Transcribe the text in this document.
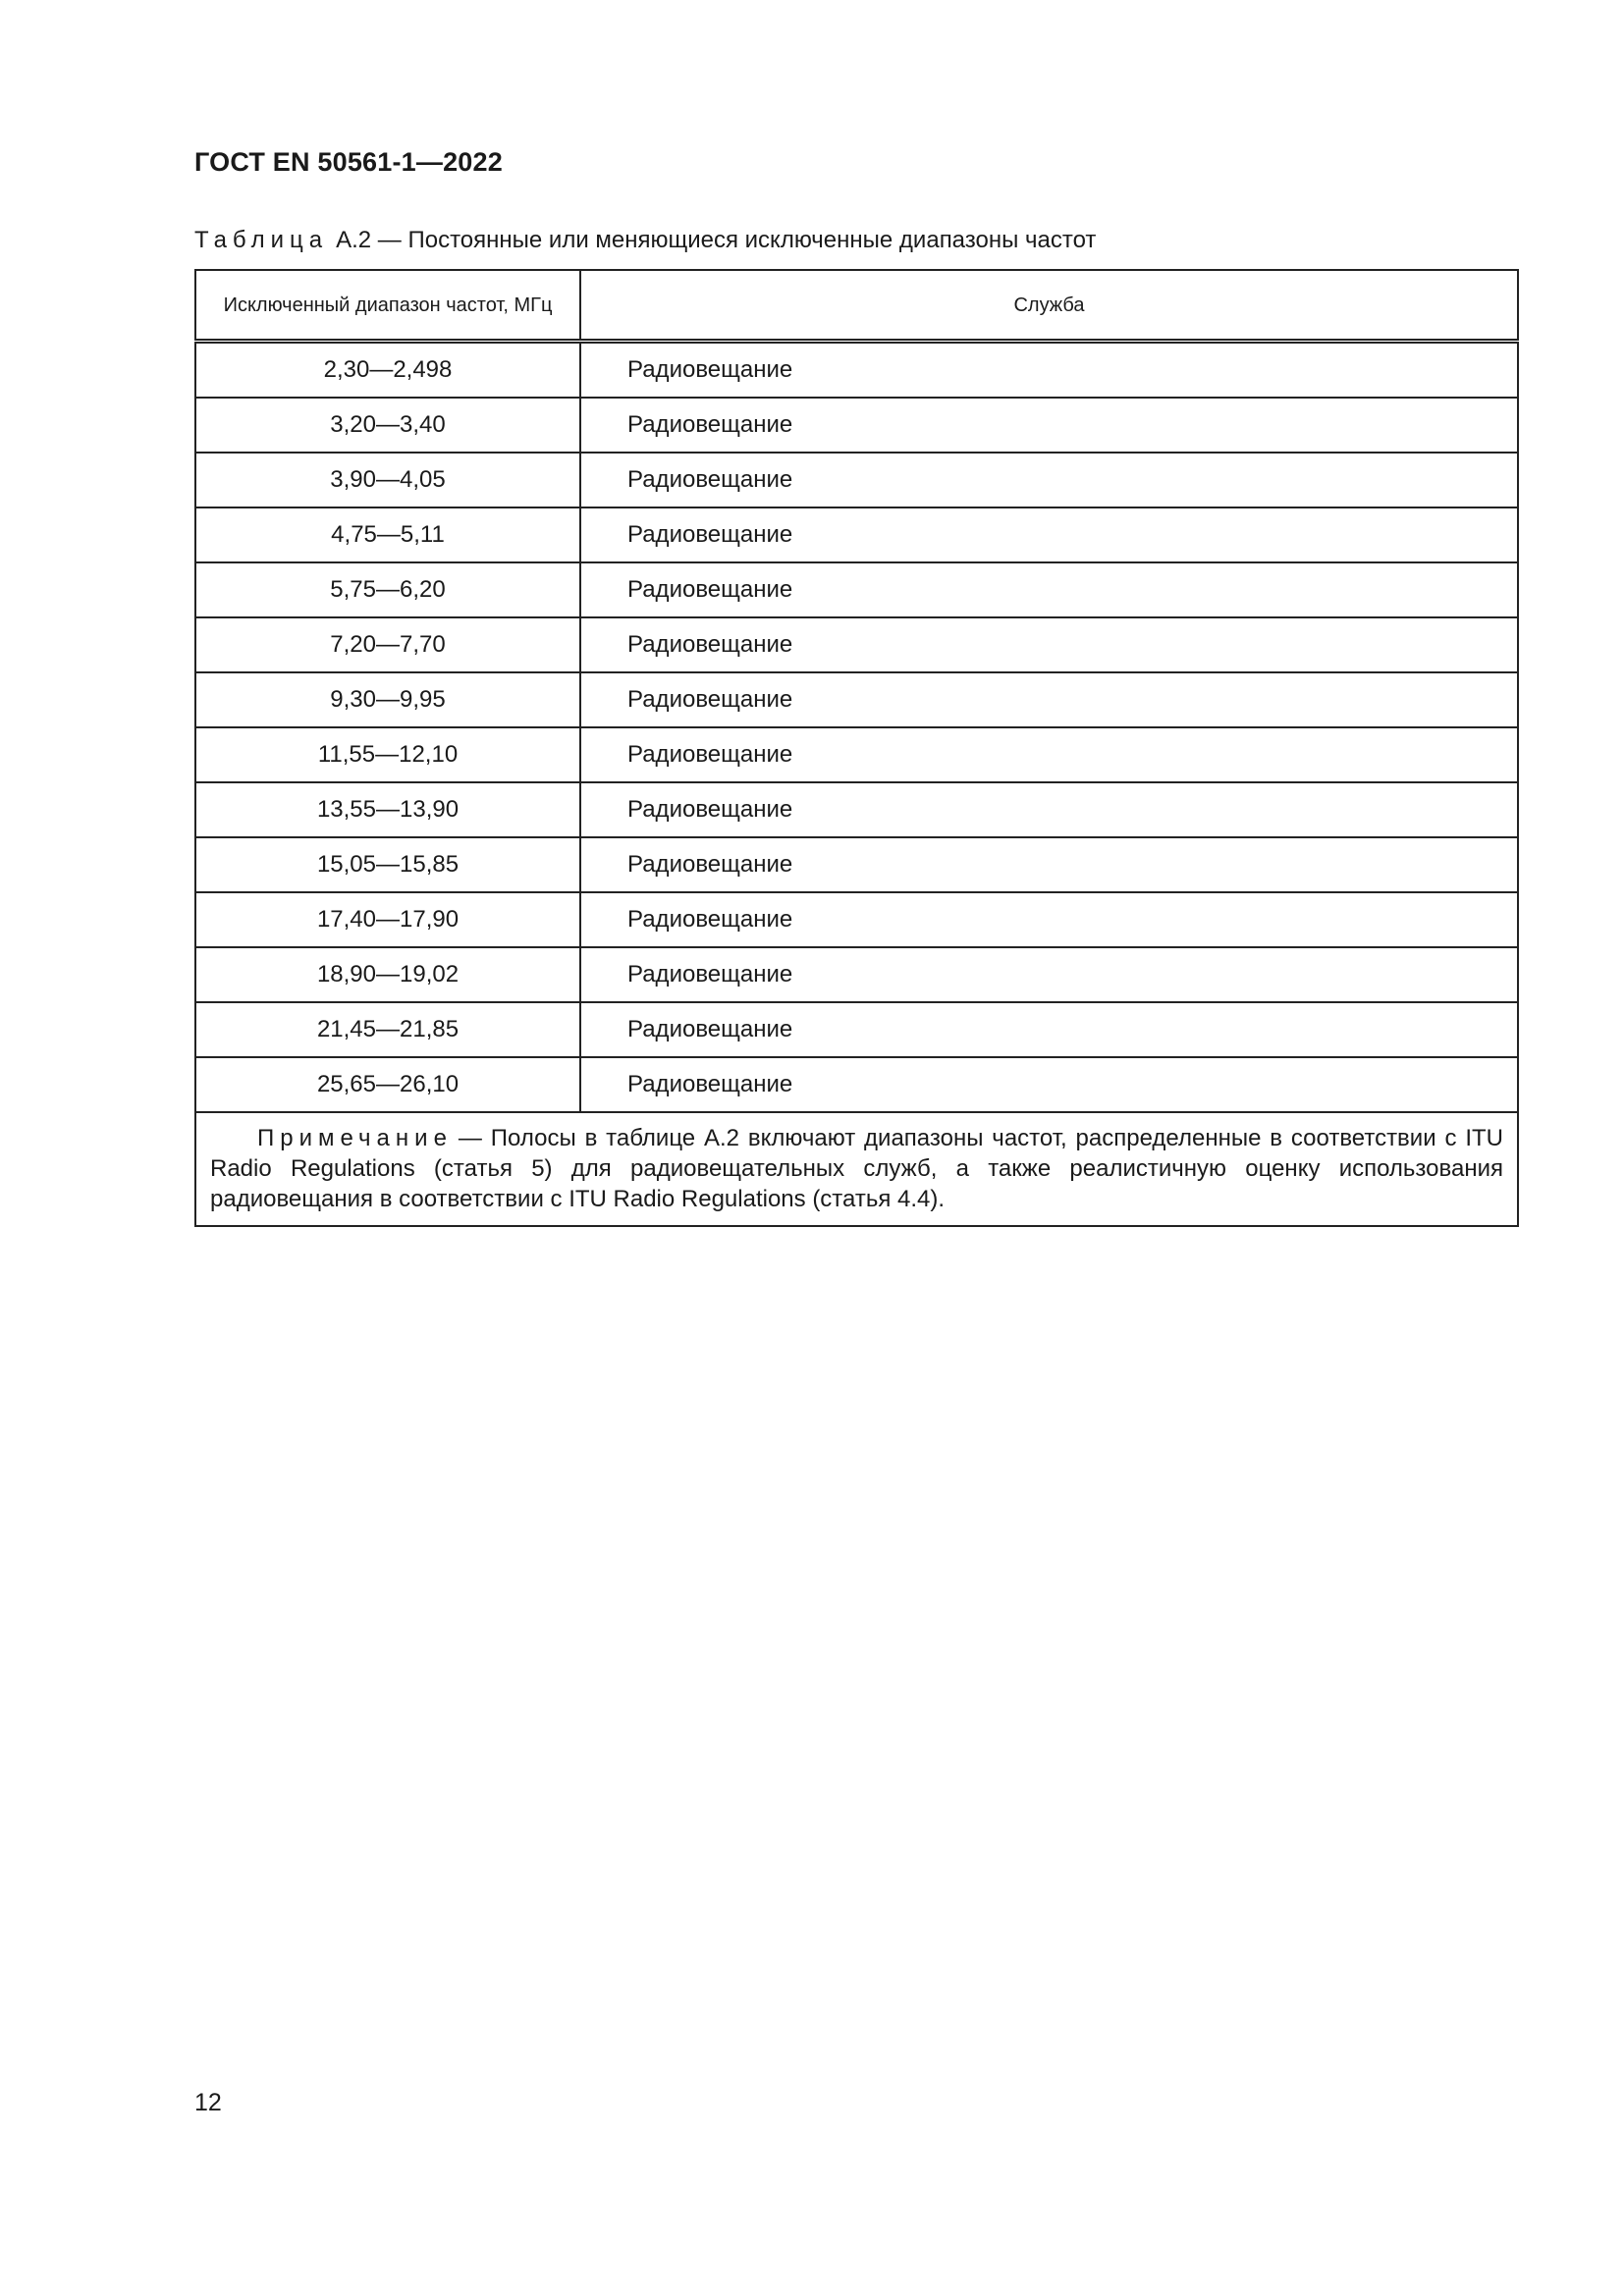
ГОСТ EN 50561-1—2022
Таблица А.2 — Постоянные или меняющиеся исключенные диапазоны частот
Исключенный диапазон частот, МГц	Служба
2,30—2,498	Радиовещание
3,20—3,40	Радиовещание
3,90—4,05	Радиовещание
4,75—5,11	Радиовещание
5,75—6,20	Радиовещание
7,20—7,70	Радиовещание
9,30—9,95	Радиовещание
11,55—12,10	Радиовещание
13,55—13,90	Радиовещание
15,05—15,85	Радиовещание
17,40—17,90	Радиовещание
18,90—19,02	Радиовещание
21,45—21,85	Радиовещание
25,65—26,10	Радиовещание
Примечание — Полосы в таблице А.2 включают диапазоны частот, распределенные в соответствии с ITU Radio Regulations (статья 5) для радиовещательных служб, а также реалистичную оценку использования радиовещания в соответствии с ITU Radio Regulations (статья 4.4).	
12
